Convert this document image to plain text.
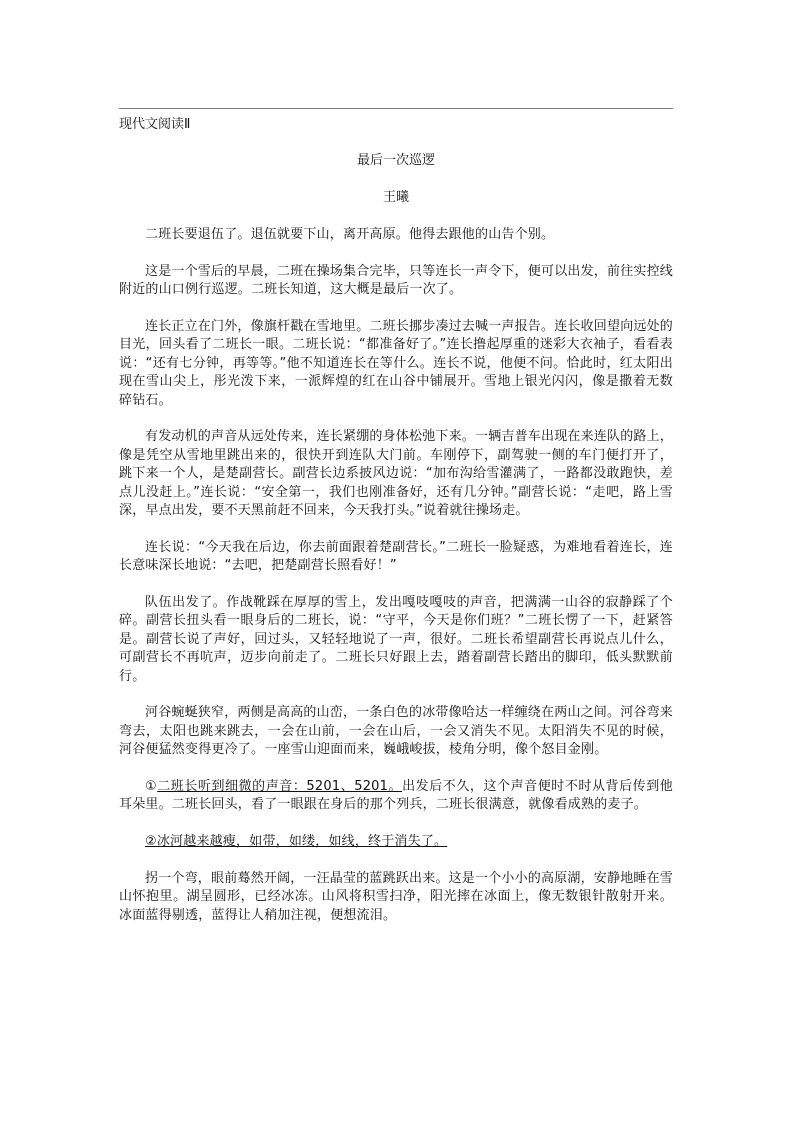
现代文阅读Ⅱ
最后一次巡逻
王曦

二班长要退伍了。退伍就要下山，离开高原。他得去跟他的山告个别。

这是一个雪后的早晨，二班在操场集合完毕，只等连长一声令下，便可以出发，前往实控线附近的山口例行巡逻。二班长知道，这大概是最后一次了。

连长正立在门外，像旗杆戳在雪地里。二班长挪步凑过去喊一声报告。连长收回望向远处的目光，回头看了二班长一眼。二班长说：“都准备好了。”连长撸起厚重的迷彩大衣袖子，看看表说：“还有七分钟，再等等。”他不知道连长在等什么。连长不说，他便不问。恰此时，红太阳出现在雪山尖上，彤光泼下来，一派辉煌的红在山谷中铺展开。雪地上银光闪闪，像是撒着无数碎钻石。

有发动机的声音从远处传来，连长紧绷的身体松弛下来。一辆吉普车出现在来连队的路上，像是凭空从雪地里跳出来的，很快开到连队大门前。车刚停下，副驾驶一侧的车门便打开了，跳下来一个人，是楚副营长。副营长边系披风边说：“加布沟给雪灌满了，一路都没敢跑快，差点儿没赶上。”连长说：“安全第一，我们也刚准备好，还有几分钟。”副营长说：“走吧，路上雪深，早点出发，要不天黑前赶不回来，今天我打头。”说着就往操场走。

连长说：“今天我在后边，你去前面跟着楚副营长。”二班长一脸疑惑，为难地看着连长，连长意味深长地说：“去吧，把楚副营长照看好！”

队伍出发了。作战靴踩在厚厚的雪上，发出嘎吱嘎吱的声音，把满满一山谷的寂静踩了个碎。副营长扭头看一眼身后的二班长，说：“守平，今天是你们班？”二班长愣了一下，赶紧答是。副营长说了声好，回过头，又轻轻地说了一声，很好。二班长希望副营长再说点儿什么，可副营长不再吭声，迈步向前走了。二班长只好跟上去，踏着副营长踏出的脚印，低头默默前行。

河谷蜿蜒狭窄，两侧是高高的山峦，一条白色的冰带像哈达一样缠绕在两山之间。河谷弯来弯去，太阳也跳来跳去，一会在山前，一会在山后，一会又消失不见。太阳消失不见的时候，河谷便猛然变得更冷了。一座雪山迎面而来，巍峨峻拔，棱角分明，像个怒目金刚。

①二班长听到细微的声音：5201、5201。出发后不久，这个声音便时不时从背后传到他耳朵里。二班长回头，看了一眼跟在身后的那个列兵，二班长很满意，就像看成熟的麦子。

②冰河越来越瘦，如带，如缕，如线，终于消失了。

拐一个弯，眼前蓦然开阔，一汪晶莹的蓝跳跃出来。这是一个小小的高原湖，安静地睡在雪山怀抱里。湖呈圆形，已经冰冻。山风将积雪扫净，阳光摔在冰面上，像无数银针散射开来。冰面蓝得剔透，蓝得让人稍加注视，便想流泪。
